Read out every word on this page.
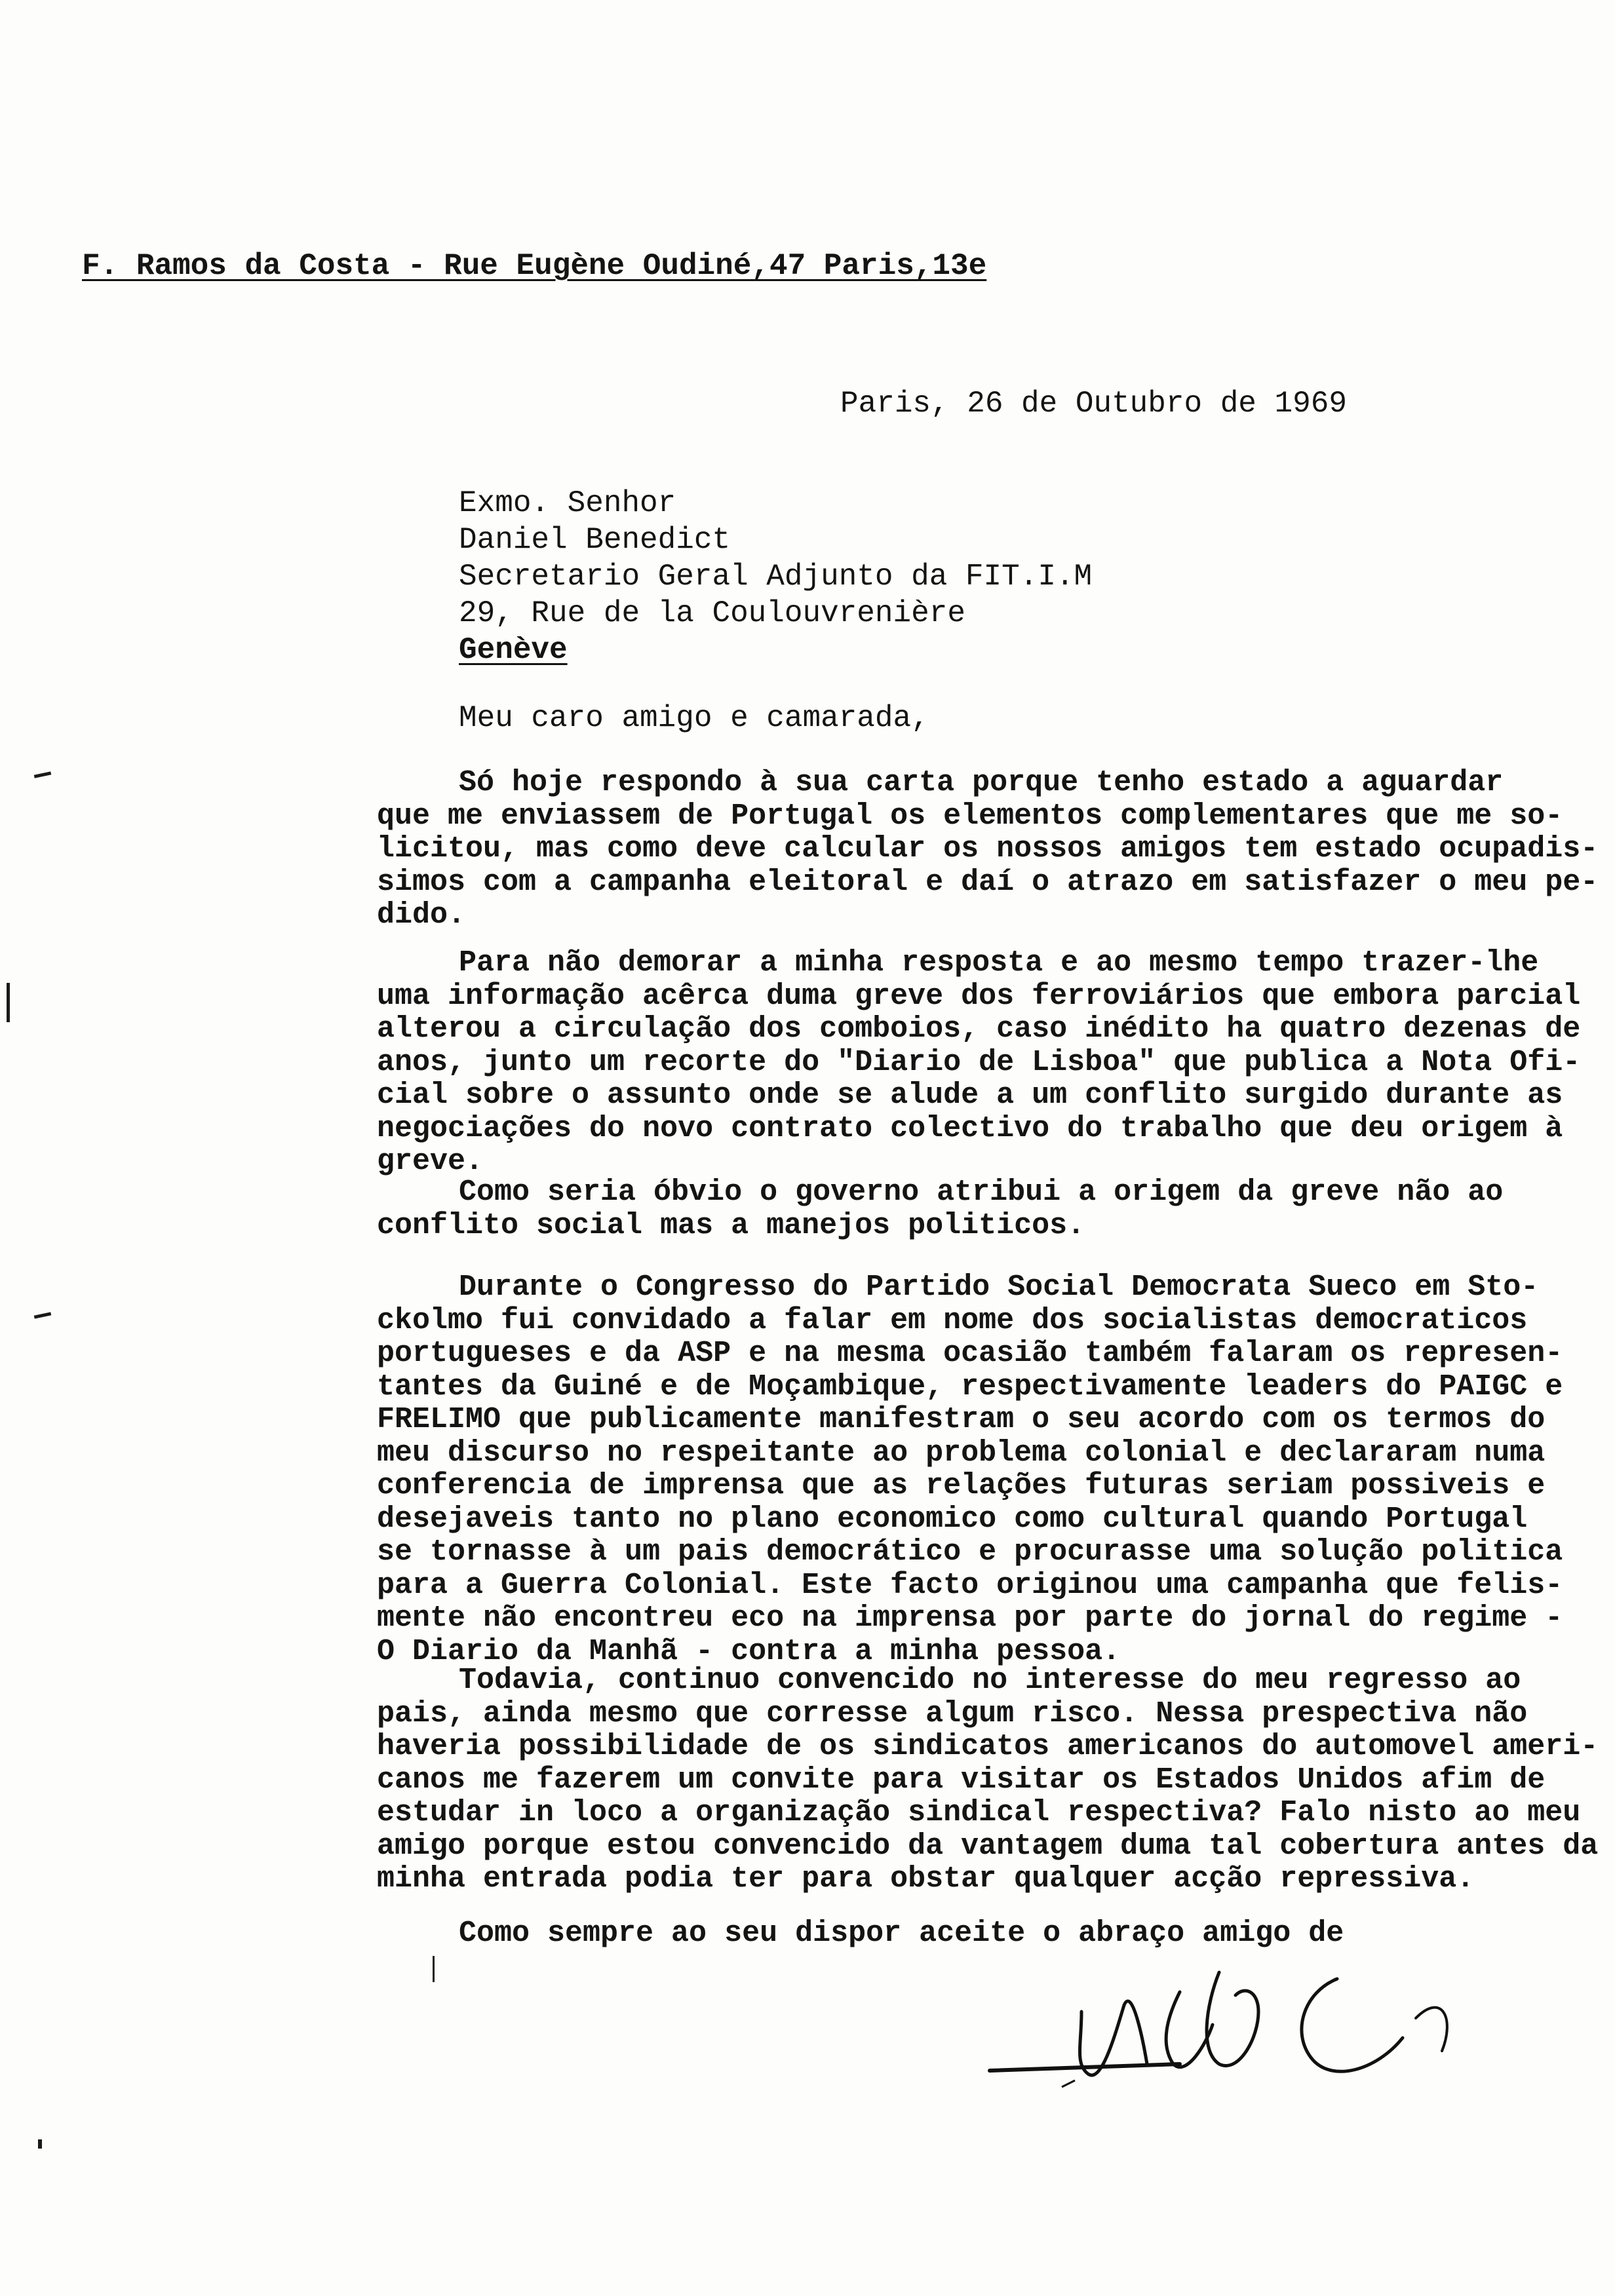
F. Ramos da Costa - Rue Eugène Oudiné,47 Paris,13e
Paris, 26 de Outubro de 1969
Exmo. Senhor
Daniel Benedict
Secretario Geral Adjunto da FIT.I.M
29, Rue de la Coulouvrenière
Genève
Meu caro amigo e camarada,
Só hoje respondo à sua carta porque tenho estado a aguardar
que me enviassem de Portugal os elementos complementares que me so-
licitou, mas como deve calcular os nossos amigos tem estado ocupadis-
simos com a campanha eleitoral e daí o atrazo em satisfazer o meu pe-
dido.
Para não demorar a minha resposta e ao mesmo tempo trazer-lhe
uma informação acêrca duma greve dos ferroviários que embora parcial
alterou a circulação dos comboios, caso inédito ha quatro dezenas de
anos, junto um recorte do "Diario de Lisboa" que publica a Nota Ofi-
cial sobre o assunto onde se alude a um conflito surgido durante as
negociações do novo contrato colectivo do trabalho que deu origem à
greve.
Como seria óbvio o governo atribui a origem da greve não ao
conflito social mas a manejos politicos.
Durante o Congresso do Partido Social Democrata Sueco em Sto-
ckolmo fui convidado a falar em nome dos socialistas democraticos
portugueses e da ASP e na mesma ocasião também falaram os represen-
tantes da Guiné e de Moçambique, respectivamente leaders do PAIGC e
FRELIMO que publicamente manifestram o seu acordo com os termos do
meu discurso no respeitante ao problema colonial e declararam numa
conferencia de imprensa que as relações futuras seriam possiveis e
desejaveis tanto no plano economico como cultural quando Portugal
se tornasse à um pais democrático e procurasse uma solução politica
para a Guerra Colonial. Este facto originou uma campanha que felis-
mente não encontreu eco na imprensa por parte do jornal do regime -
O Diario da Manhã - contra a minha pessoa.
Todavia, continuo convencido no interesse do meu regresso ao
pais, ainda mesmo que corresse algum risco. Nessa prespectiva não
haveria possibilidade de os sindicatos americanos do automovel ameri-
canos me fazerem um convite para visitar os Estados Unidos afim de
estudar in loco a organização sindical respectiva? Falo nisto ao meu
amigo porque estou convencido da vantagem duma tal cobertura antes da
minha entrada podia ter para obstar qualquer acção repressiva.
Como sempre ao seu dispor aceite o abraço amigo de
